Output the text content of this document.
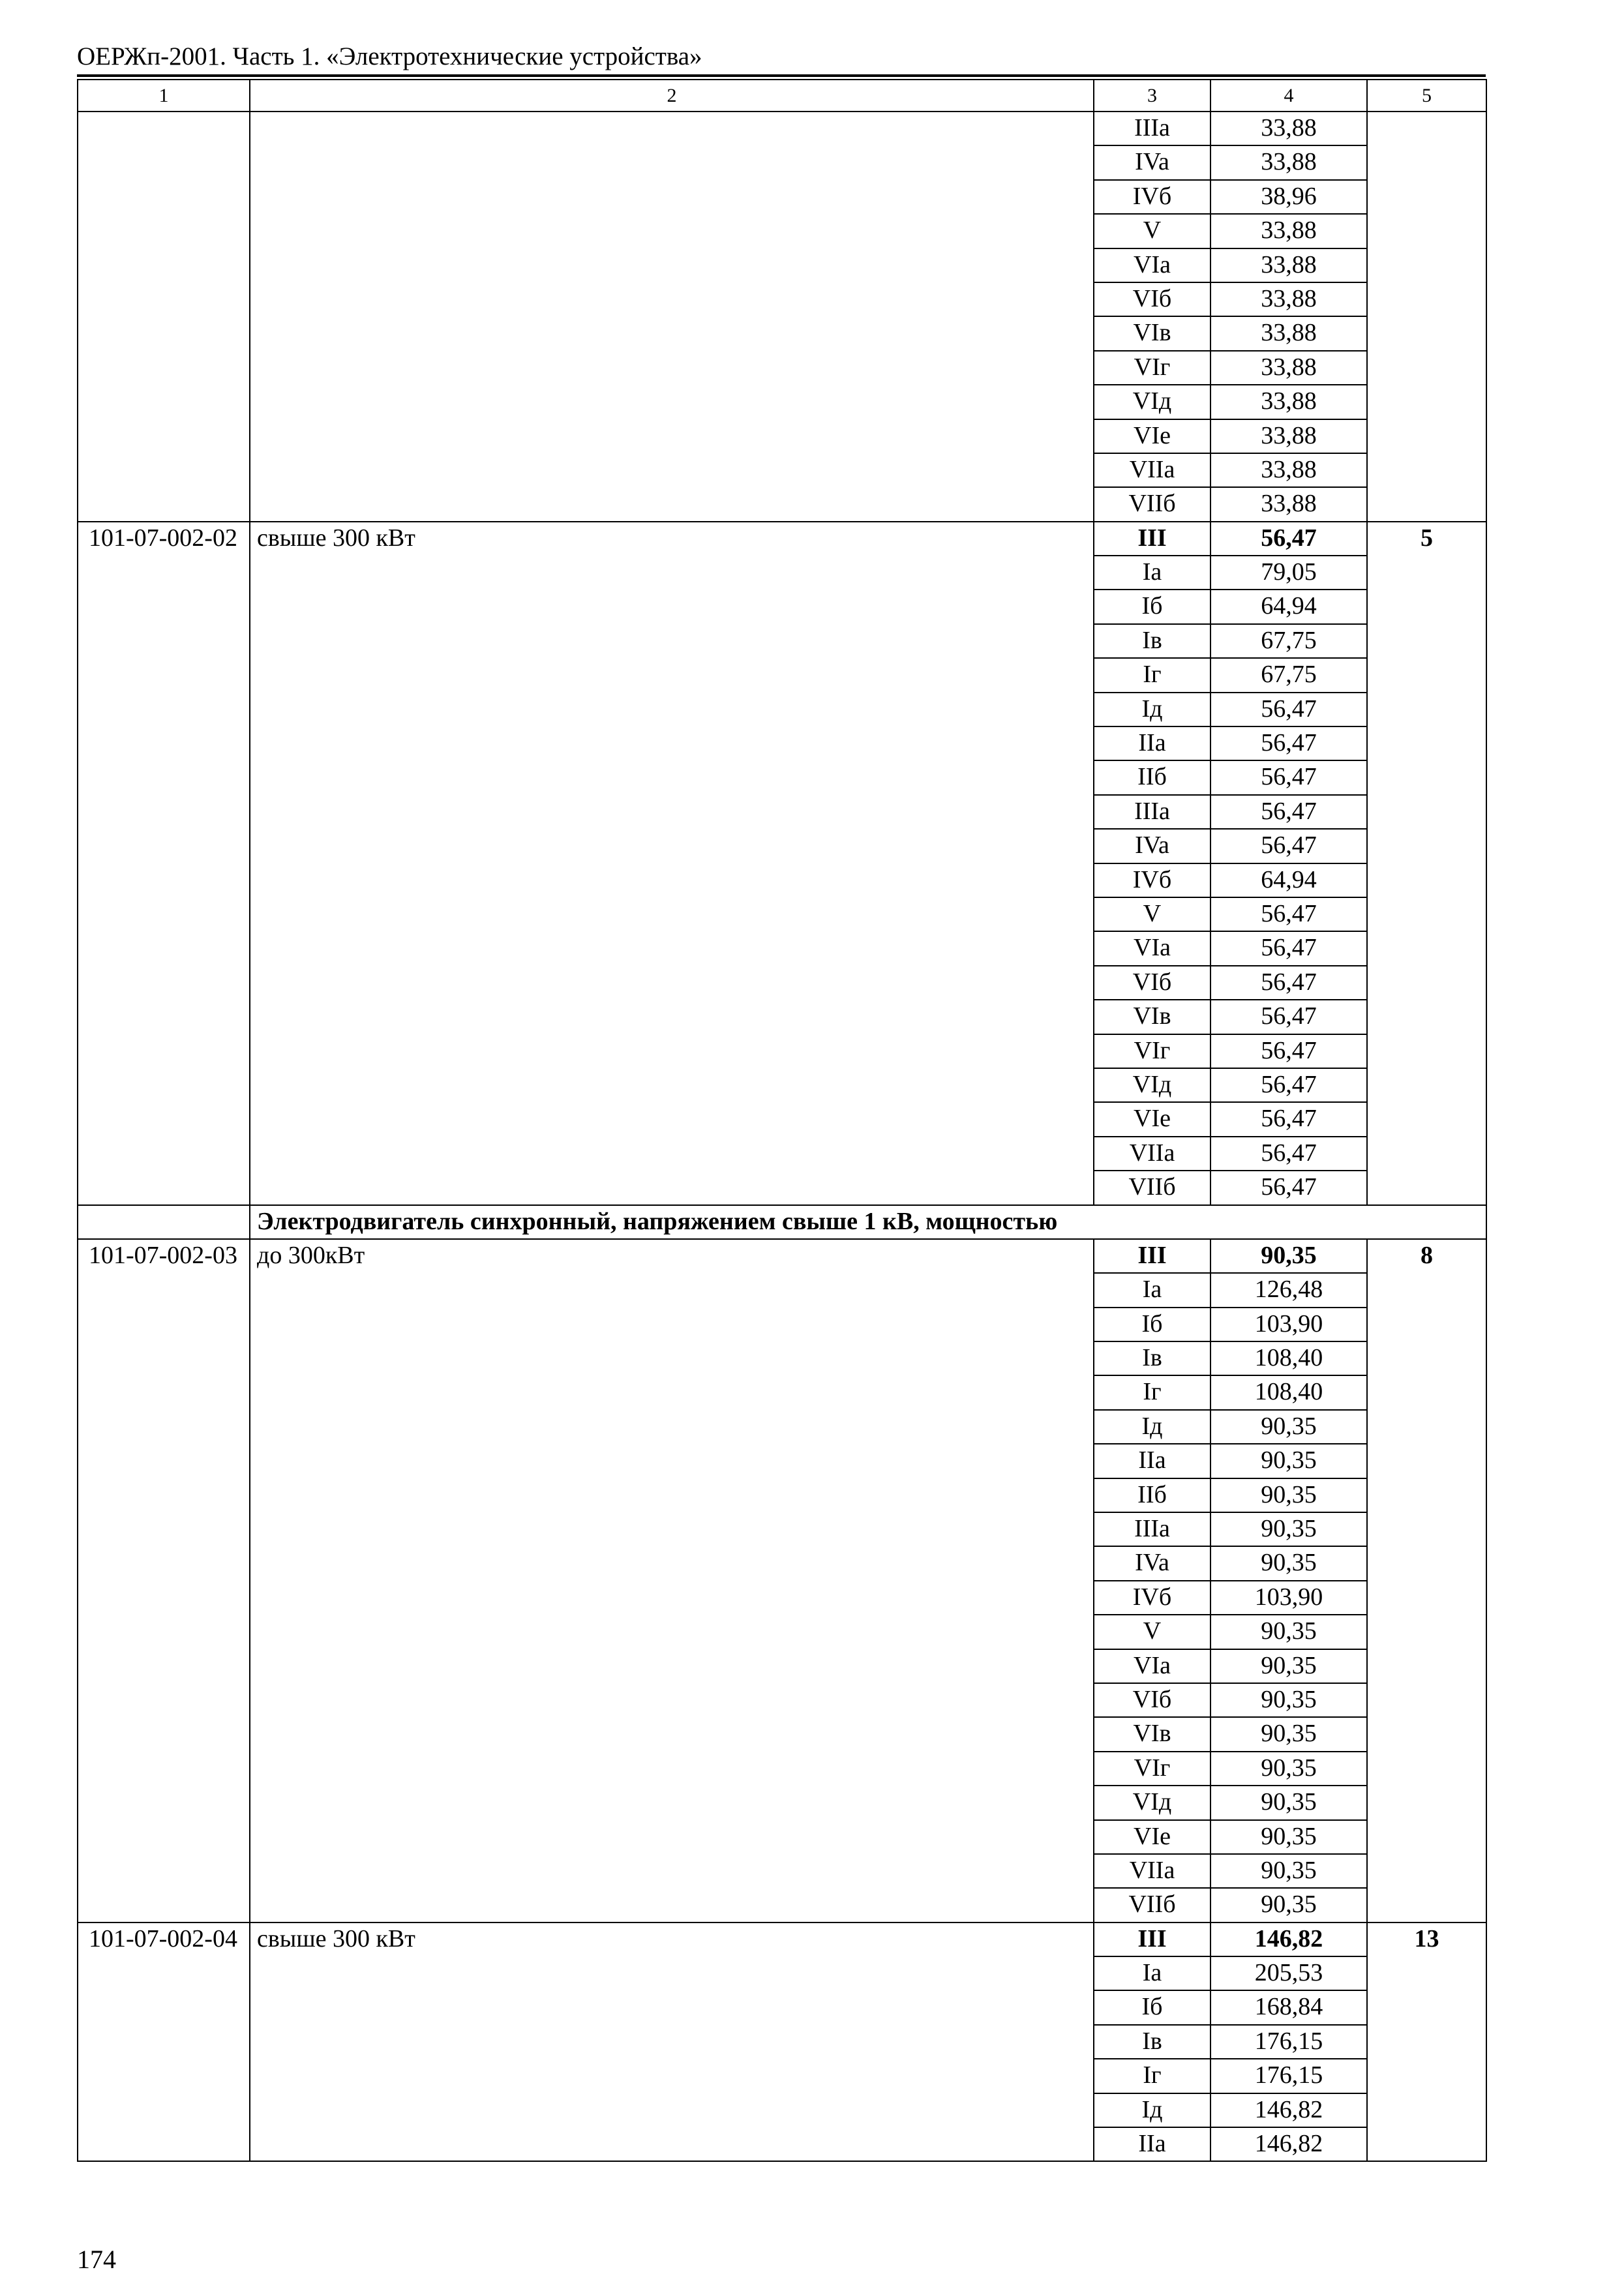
ОЕРЖп-2001. Часть 1. «Электротехнические устройства»
1	2	3	4	5
		IIIa	33,88	
		IVa	33,88	
		IVб	38,96	
		V	33,88	
		VIa	33,88	
		VIб	33,88	
		VIв	33,88	
		VIг	33,88	
		VIд	33,88	
		VIe	33,88	
		VIIa	33,88	
		VIIб	33,88	
101-07-002-02	свыше 300 кВт	III	56,47	5
		Ia	79,05	
		Iб	64,94	
		Iв	67,75	
		Iг	67,75	
		Iд	56,47	
		IIa	56,47	
		IIб	56,47	
		IIIa	56,47	
		IVa	56,47	
		IVб	64,94	
		V	56,47	
		VIa	56,47	
		VIб	56,47	
		VIв	56,47	
		VIг	56,47	
		VIд	56,47	
		VIe	56,47	
		VIIa	56,47	
		VIIб	56,47	
	Электродвигатель синхронный, напряжением свыше 1 кВ, мощностью			
101-07-002-03	до 300кВт	III	90,35	8
		Ia	126,48	
		Iб	103,90	
		Iв	108,40	
		Iг	108,40	
		Iд	90,35	
		IIa	90,35	
		IIб	90,35	
		IIIa	90,35	
		IVa	90,35	
		IVб	103,90	
		V	90,35	
		VIa	90,35	
		VIб	90,35	
		VIв	90,35	
		VIг	90,35	
		VIд	90,35	
		VIe	90,35	
		VIIa	90,35	
		VIIб	90,35	
101-07-002-04	свыше 300 кВт	III	146,82	13
		Ia	205,53	
		Iб	168,84	
		Iв	176,15	
		Iг	176,15	
		Iд	146,82	
		IIa	146,82	
174
